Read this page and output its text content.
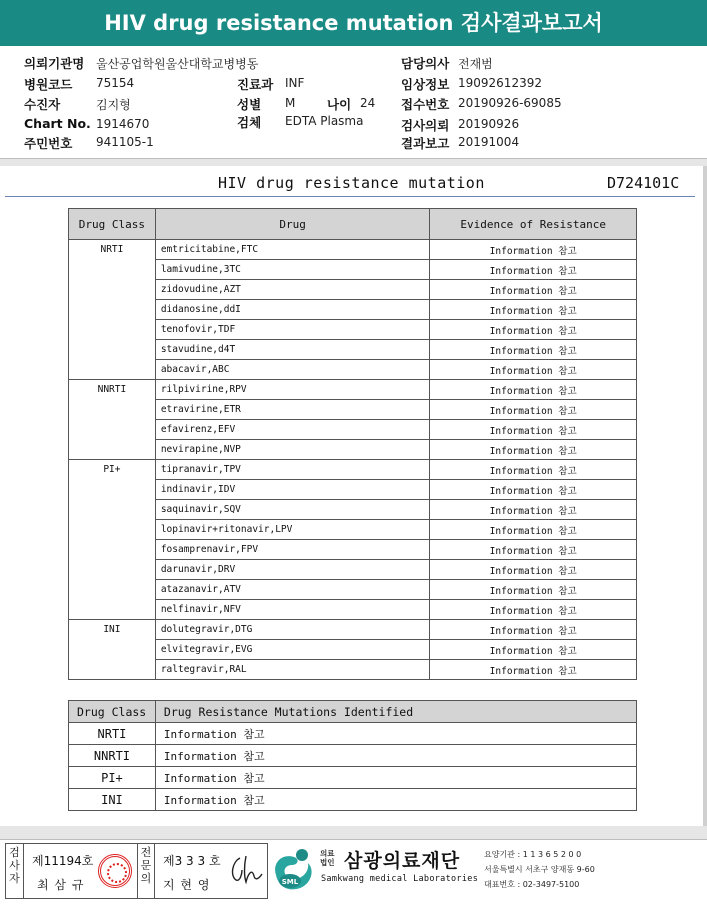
HIV drug resistance mutation 검사결과보고서
의뢰기관명 울산공업학원울산대학교병병동
병원코드 75154
수진자	김지형
Chart No. 1914670
주민번호 941105-1
진료과 INF
성별 M	나이 24
검체 EDTA Plasma
담당의사 전재범
임상정보 19092612392
접수번호 20190926-69085
검사의뢰 20190926
결과보고 20191004
HIV drug resistance mutation	D724101C
Drug Class	Drug	Evidence of Resistance
NRTI	emtricitabine,FTC	Information 참고
	lamivudine,3TC	Information 참고
	zidovudine,AZT	Information 참고
	didanosine,ddI	Information 참고
	tenofovir,TDF	Information 참고
	stavudine,d4T	Information 참고
	abacavir,ABC	Information 참고
NNRTI	rilpivirine,RPV	Information 참고
	etravirine,ETR	Information 참고
	efavirenz,EFV	Information 참고
	nevirapine,NVP	Information 참고
PI+	tipranavir,TPV	Information 참고
	indinavir,IDV	Information 참고
	saquinavir,SQV	Information 참고
	lopinavir+ritonavir,LPV	Information 참고
	fosamprenavir,FPV	Information 참고
	darunavir,DRV	Information 참고
	atazanavir,ATV	Information 참고
	nelfinavir,NFV	Information 참고
INI	dolutegravir,DTG	Information 참고
	elvitegravir,EVG	Information 참고
	raltegravir,RAL	Information 참고
Drug Class	Drug Resistance Mutations Identified
NRTI	Information 참고
NNRTI	Information 참고
PI+	Information 참고
INI	Information 참고
검사자
제11194호
최 삼 규
전문의
제3 3 3 호
지 현 영	SML
의료
법인 삼광의료재단
Samkwang medical Laboratories
요양기관 : 1 1 3 6 5 2 0 0
서울특별시 서초구 양재동 9-60
대표번호 : 02-3497-5100
